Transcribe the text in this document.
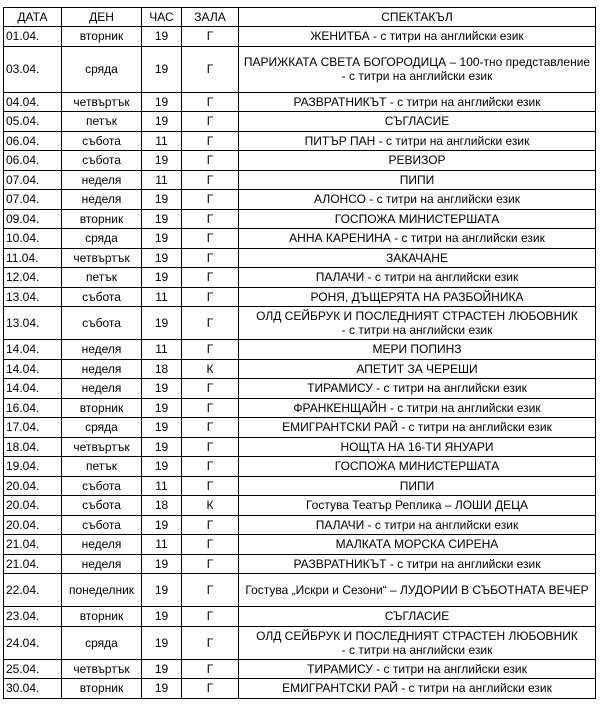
ДАТА	ДЕН	ЧАС	ЗАЛА	СПЕКТАКЪЛ
01.04.	вторник	19	Г	ЖЕНИТБА - с титри на английски език
03.04.	сряда	19	Г	ПАРИЖКАТА СВЕТА БОГОРОДИЦА – 100-тно представление
- с титри на английски език
04.04.	четвъртък	19	Г	РАЗВРАТНИКЪТ - с титри на английски език
05.04.	петък	19	Г	СЪГЛАСИЕ
06.04.	събота	11	Г	ПИТЪР ПАН - с титри на английски език
06.04.	събота	19	Г	РЕВИЗОР
07.04.	неделя	11	Г	ПИПИ
07.04.	неделя	19	Г	АЛОНСО - с титри на английски език
09.04.	вторник	19	Г	ГОСПОЖА МИНИСТЕРШАТА
10.04.	сряда	19	Г	АННА КАРЕНИНА - с титри на английски език
11.04.	четвъртък	19	Г	ЗАКАЧАНЕ
12.04.	петък	19	Г	ПАЛАЧИ - с титри на английски език
13.04.	събота	11	Г	РОНЯ, ДЪЩЕРЯТА НА РАЗБОЙНИКА
13.04.	събота	19	Г	ОЛД СЕЙБРУК И ПОСЛЕДНИЯТ СТРАСТЕН ЛЮБОВНИК
- с титри на английски език
14.04.	неделя	11	Г	МЕРИ ПОПИНЗ
14.04.	неделя	18	К	АПЕТИТ ЗА ЧЕРЕШИ
14.04.	неделя	19	Г	ТИРАМИСУ - с титри на английски език
16.04.	вторник	19	Г	ФРАНКЕНЩАЙН - с титри на английски език
17.04.	сряда	19	Г	ЕМИГРАНТСКИ РАЙ - с титри на английски език
18.04.	четвъртък	19	Г	НОЩТА НА 16-ТИ ЯНУАРИ
19.04.	петък	19	Г	ГОСПОЖА МИНИСТЕРШАТА
20.04.	събота	11	Г	ПИПИ
20.04.	събота	18	К	Гостува Театър Реплика – ЛОШИ ДЕЦА
20.04.	събота	19	Г	ПАЛАЧИ - с титри на английски език
21.04.	неделя	11	Г	МАЛКАТА МОРСКА СИРЕНА
21.04.	неделя	19	Г	РАЗВРАТНИКЪТ - с титри на английски език
22.04.	понеделник	19	Г	Гостува „Искри и Сезони“ – ЛУДОРИИ В СЪБОТНАТА ВЕЧЕР
23.04.	вторник	19	Г	СЪГЛАСИЕ
24.04.	сряда	19	Г	ОЛД СЕЙБРУК И ПОСЛЕДНИЯТ СТРАСТЕН ЛЮБОВНИК
- с титри на английски език
25.04.	четвъртък	19	Г	ТИРАМИСУ - с титри на английски език
30.04.	вторник	19	Г	ЕМИГРАНТСКИ РАЙ - с титри на английски език
